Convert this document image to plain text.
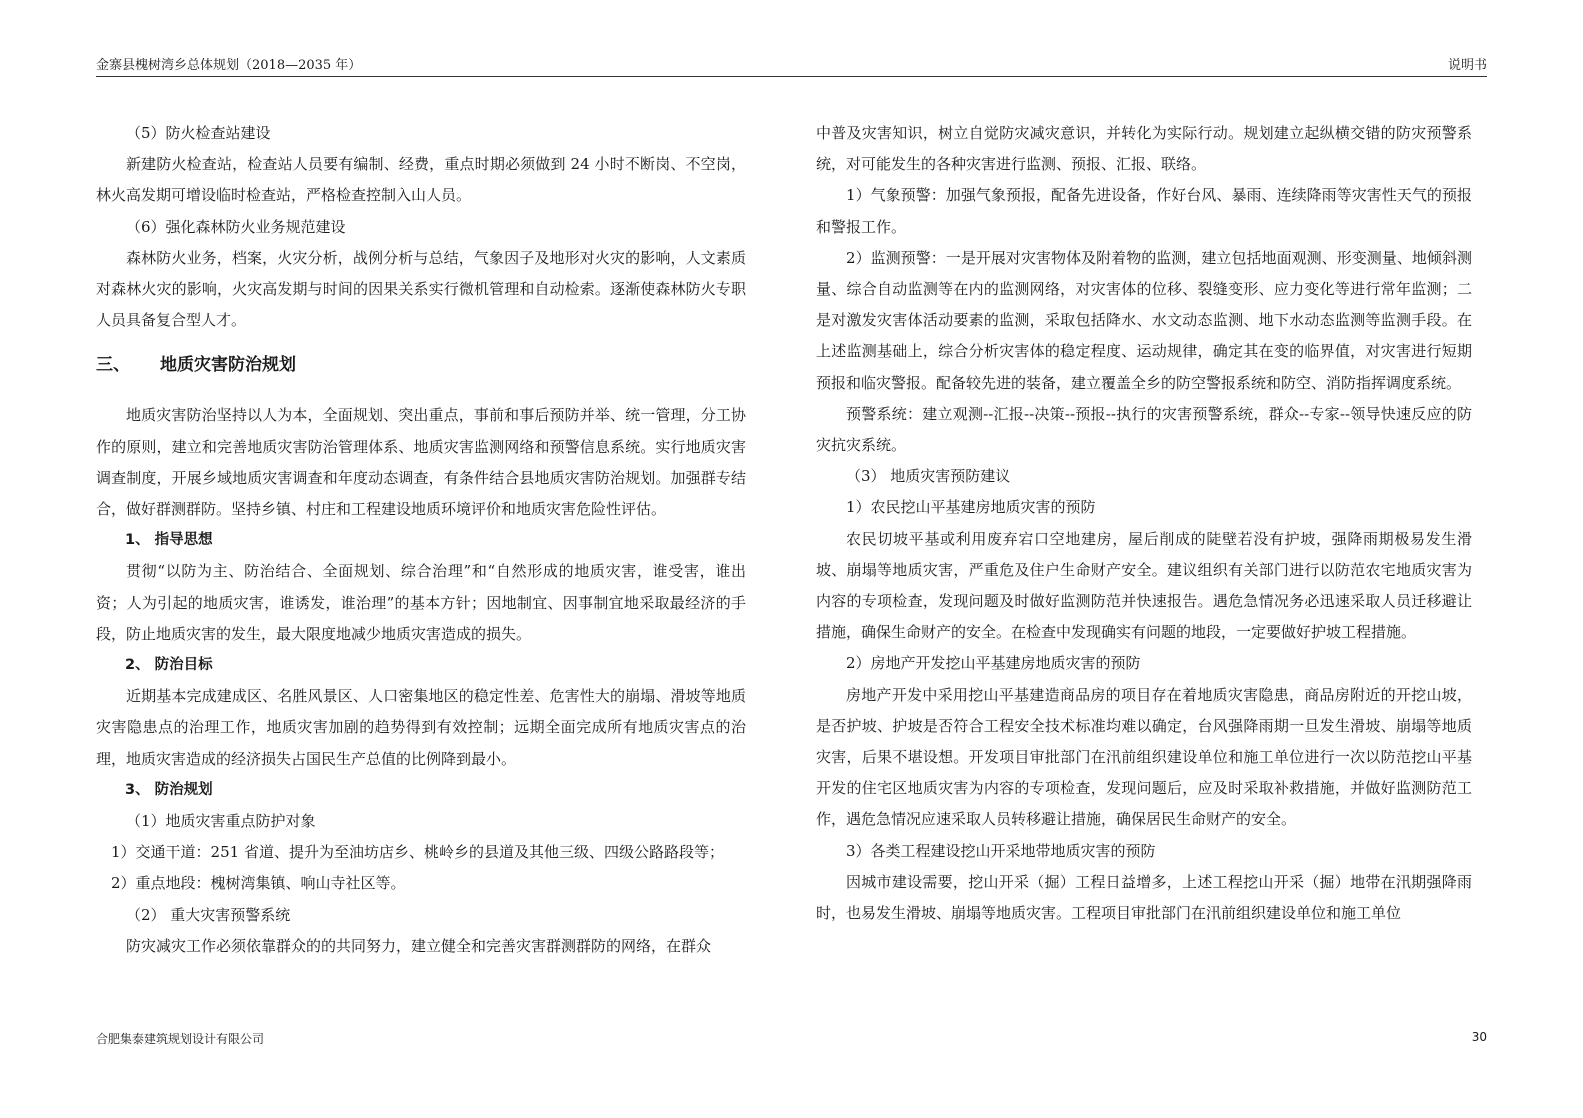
金寨县槐树湾乡总体规划（2018—2035 年）	说明书

（5）防火检查站建设

新建防火检查站，检查站人员要有编制、经费，重点时期必须做到 24 小时不断岗、不空岗，林火高发期可增设临时检查站，严格检查控制入山人员。

（6）强化森林防火业务规范建设

森林防火业务，档案，火灾分析，战例分析与总结，气象因子及地形对火灾的影响，人文素质对森林火灾的影响，火灾高发期与时间的因果关系实行微机管理和自动检索。逐渐使森林防火专职人员具备复合型人才。

三、 地质灾害防治规划

地质灾害防治坚持以人为本，全面规划、突出重点，事前和事后预防并举、统一管理，分工协作的原则，建立和完善地质灾害防治管理体系、地质灾害监测网络和预警信息系统。实行地质灾害调查制度，开展乡域地质灾害调查和年度动态调查，有条件结合县地质灾害防治规划。加强群专结合，做好群测群防。坚持乡镇、村庄和工程建设地质环境评价和地质灾害危险性评估。

1、 指导思想

贯彻“以防为主、防治结合、全面规划、综合治理”和“自然形成的地质灾害，谁受害，谁出资；人为引起的地质灾害，谁诱发，谁治理”的基本方针；因地制宜、因事制宜地采取最经济的手段，防止地质灾害的发生，最大限度地减少地质灾害造成的损失。

2、 防治目标

近期基本完成建成区、名胜风景区、人口密集地区的稳定性差、危害性大的崩塌、滑坡等地质灾害隐患点的治理工作，地质灾害加剧的趋势得到有效控制；远期全面完成所有地质灾害点的治理，地质灾害造成的经济损失占国民生产总值的比例降到最小。

3、 防治规划

（1）地质灾害重点防护对象

1）交通干道：251 省道、提升为至油坊店乡、桃岭乡的县道及其他三级、四级公路路段等；

2）重点地段：槐树湾集镇、响山寺社区等。

（2） 重大灾害预警系统

防灾减灾工作必须依靠群众的的共同努力，建立健全和完善灾害群测群防的网络，在群众

中普及灾害知识，树立自觉防灾减灾意识，并转化为实际行动。规划建立起纵横交错的防灾预警系统，对可能发生的各种灾害进行监测、预报、汇报、联络。

1）气象预警：加强气象预报，配备先进设备，作好台风、暴雨、连续降雨等灾害性天气的预报和警报工作。

2）监测预警：一是开展对灾害物体及附着物的监测，建立包括地面观测、形变测量、地倾斜测量、综合自动监测等在内的监测网络，对灾害体的位移、裂缝变形、应力变化等进行常年监测；二是对激发灾害体活动要素的监测，采取包括降水、水文动态监测、地下水动态监测等监测手段。在上述监测基础上，综合分析灾害体的稳定程度、运动规律，确定其在变的临界值，对灾害进行短期预报和临灾警报。配备较先进的装备，建立覆盖全乡的防空警报系统和防空、消防指挥调度系统。

预警系统：建立观测--汇报--决策--预报--执行的灾害预警系统，群众--专家--领导快速反应的防灾抗灾系统。

（3） 地质灾害预防建议

1）农民挖山平基建房地质灾害的预防

农民切坡平基或利用废弃宕口空地建房，屋后削成的陡壁若没有护坡，强降雨期极易发生滑坡、崩塌等地质灾害，严重危及住户生命财产安全。建议组织有关部门进行以防范农宅地质灾害为内容的专项检查，发现问题及时做好监测防范并快速报告。遇危急情况务必迅速采取人员迁移避让措施，确保生命财产的安全。在检查中发现确实有问题的地段，一定要做好护坡工程措施。

2）房地产开发挖山平基建房地质灾害的预防

房地产开发中采用挖山平基建造商品房的项目存在着地质灾害隐患，商品房附近的开挖山坡，是否护坡、护坡是否符合工程安全技术标准均难以确定，台风强降雨期一旦发生滑坡、崩塌等地质灾害，后果不堪设想。开发项目审批部门在汛前组织建设单位和施工单位进行一次以防范挖山平基开发的住宅区地质灾害为内容的专项检查，发现问题后，应及时采取补救措施，并做好监测防范工作，遇危急情况应速采取人员转移避让措施，确保居民生命财产的安全。

3）各类工程建设挖山开采地带地质灾害的预防

因城市建设需要，挖山开采（掘）工程日益增多，上述工程挖山开采（掘）地带在汛期强降雨时，也易发生滑坡、崩塌等地质灾害。工程项目审批部门在汛前组织建设单位和施工单位

合肥集泰建筑规划设计有限公司	30
